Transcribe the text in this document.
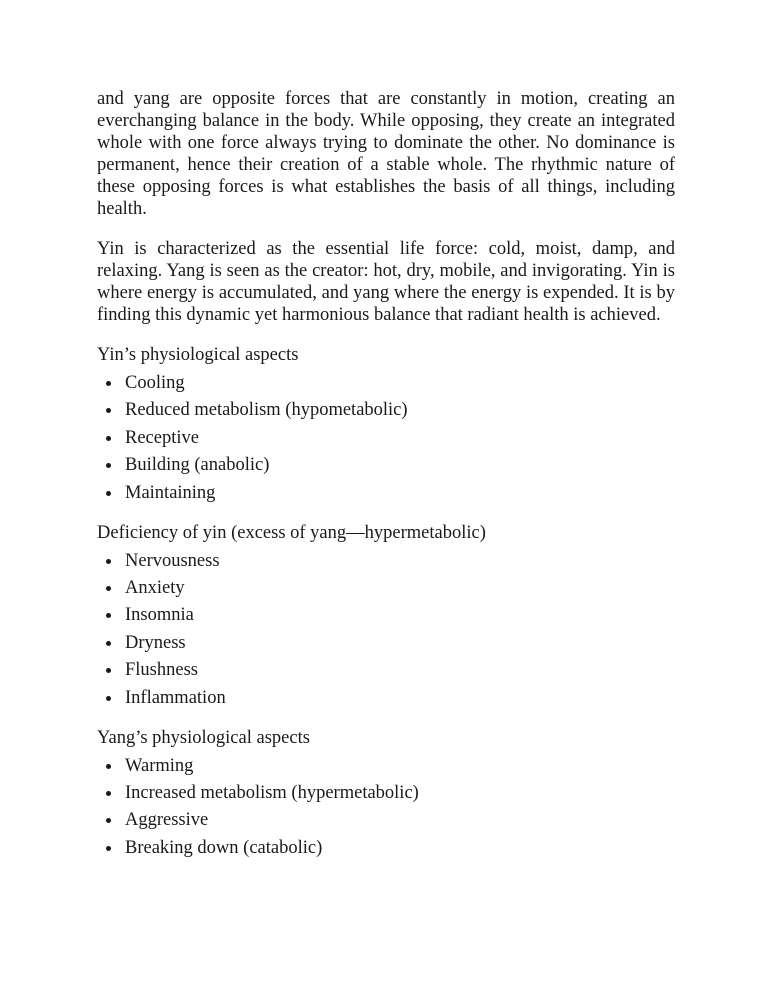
and yang are opposite forces that are constantly in motion, creating an everchanging balance in the body. While opposing, they create an integrated whole with one force always trying to dominate the other. No dominance is permanent, hence their creation of a stable whole. The rhythmic nature of these opposing forces is what establishes the basis of all things, including health.

Yin is characterized as the essential life force: cold, moist, damp, and relaxing. Yang is seen as the creator: hot, dry, mobile, and invigorating. Yin is where energy is accumulated, and yang where the energy is expended. It is by finding this dynamic yet harmonious balance that radiant health is achieved.

Yin’s physiological aspects

Cooling
Reduced metabolism (hypometabolic)
Receptive
Building (anabolic)
Maintaining

Deficiency of yin (excess of yang—hypermetabolic)

Nervousness
Anxiety
Insomnia
Dryness
Flushness
Inflammation

Yang’s physiological aspects

Warming
Increased metabolism (hypermetabolic)
Aggressive
Breaking down (catabolic)
